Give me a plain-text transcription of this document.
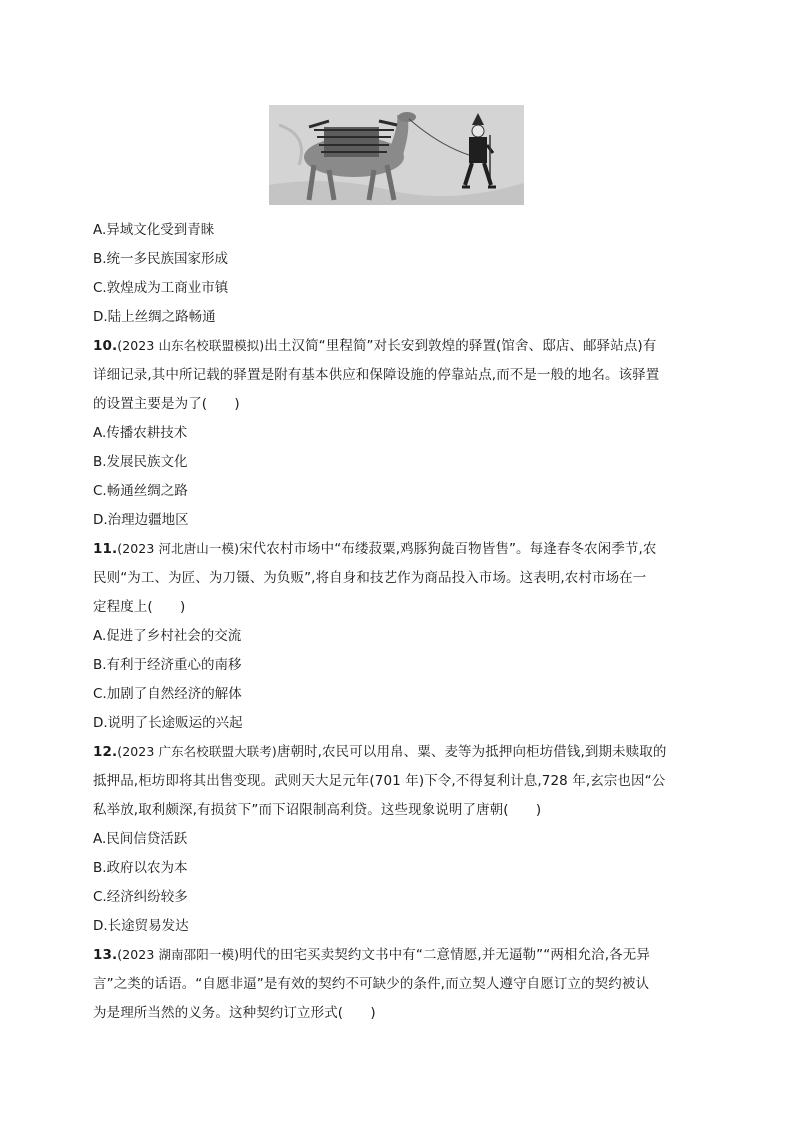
A.异域文化受到青睐
B.统一多民族国家形成
C.敦煌成为工商业市镇
D.陆上丝绸之路畅通
10.(2023 山东名校联盟模拟)出土汉简“里程简”对长安到敦煌的驿置(馆舍、邸店、邮驿站点)有
详细记录,其中所记载的驿置是附有基本供应和保障设施的停靠站点,而不是一般的地名。该驿置
的设置主要是为了(　　)
A.传播农耕技术
B.发展民族文化
C.畅通丝绸之路
D.治理边疆地区
11.(2023 河北唐山一模)宋代农村市场中“布缕菽粟,鸡豚狗彘百物皆售”。每逢春冬农闲季节,农
民则“为工、为匠、为刀镊、为负贩”,将自身和技艺作为商品投入市场。这表明,农村市场在一
定程度上(　　)
A.促进了乡村社会的交流
B.有利于经济重心的南移
C.加剧了自然经济的解体
D.说明了长途贩运的兴起
12.(2023 广东名校联盟大联考)唐朝时,农民可以用帛、粟、麦等为抵押向柜坊借钱,到期未赎取的
抵押品,柜坊即将其出售变现。武则天大足元年(701 年)下令,不得复利计息,728 年,玄宗也因“公
私举放,取利颇深,有损贫下”而下诏限制高利贷。这些现象说明了唐朝(　　)
A.民间信贷活跃
B.政府以农为本
C.经济纠纷较多
D.长途贸易发达
13.(2023 湖南邵阳一模)明代的田宅买卖契约文书中有“二意情愿,并无逼勒”“两相允洽,各无异
言”之类的话语。“自愿非逼”是有效的契约不可缺少的条件,而立契人遵守自愿订立的契约被认
为是理所当然的义务。这种契约订立形式(　　)
